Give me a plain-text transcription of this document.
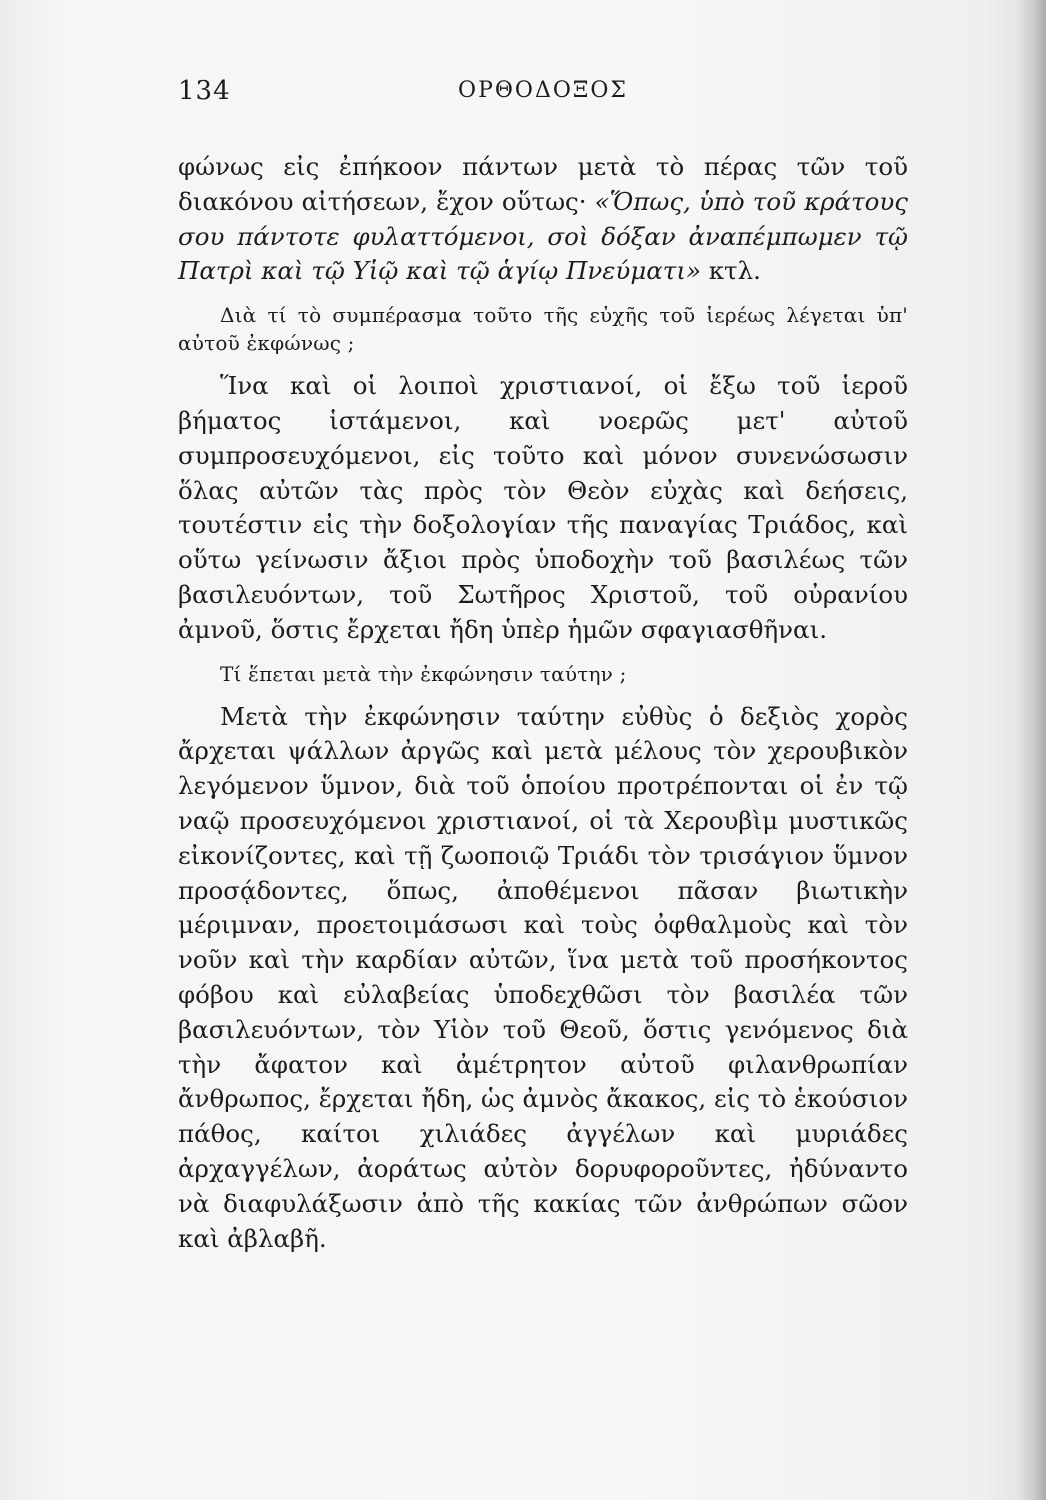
134	ΟΡΘΟΔΟΞΟΣ

φώνως εἰς ἐπήκοον πάντων μετὰ τὸ πέρας τῶν τοῦ διακόνου αἰτήσεων, ἔχον οὕτως· «Ὅπως, ὑπὸ τοῦ κράτους σου πάντοτε φυλαττόμενοι, σοὶ δόξαν ἀναπέμπωμεν τῷ Πατρὶ καὶ τῷ Υἱῷ καὶ τῷ ἁγίῳ Πνεύματι» κτλ.

Διὰ τί τὸ συμπέρασμα τοῦτο τῆς εὐχῆς τοῦ ἱερέως λέγεται ὑπ' αὐτοῦ ἐκφώνως ;

Ἵνα καὶ οἱ λοιποὶ χριστιανοί, οἱ ἔξω τοῦ ἱεροῦ βήματος ἱστάμενοι, καὶ νοερῶς μετ' αὐτοῦ συμπροσευχόμενοι, εἰς τοῦτο καὶ μόνον συνενώσωσιν ὅλας αὐτῶν τὰς πρὸς τὸν Θεὸν εὐχὰς καὶ δεήσεις, τουτέστιν εἰς τὴν δοξολογίαν τῆς παναγίας Τριάδος, καὶ οὕτω γείνωσιν ἄξιοι πρὸς ὑποδοχὴν τοῦ βασιλέως τῶν βασιλευόντων, τοῦ Σωτῆρος Χριστοῦ, τοῦ οὐρανίου ἀμνοῦ, ὅστις ἔρχεται ἤδη ὑπὲρ ἡμῶν σφαγιασθῆναι.

Τί ἕπεται μετὰ τὴν ἐκφώνησιν ταύτην ;

Μετὰ τὴν ἐκφώνησιν ταύτην εὐθὺς ὁ δεξιὸς χορὸς ἄρχεται ψάλλων ἀργῶς καὶ μετὰ μέλους τὸν χερουβικὸν λεγόμενον ὕμνον, διὰ τοῦ ὁποίου προτρέπονται οἱ ἐν τῷ ναῷ προσευχόμενοι χριστιανοί, οἱ τὰ Χερουβὶμ μυστικῶς εἰκονίζοντες, καὶ τῇ ζωοποιῷ Τριάδι τὸν τρισάγιον ὕμνον προσᾴδοντες, ὅπως, ἀποθέμενοι πᾶσαν βιωτικὴν μέριμναν, προετοιμάσωσι καὶ τοὺς ὀφθαλμοὺς καὶ τὸν νοῦν καὶ τὴν καρδίαν αὐτῶν, ἵνα μετὰ τοῦ προσήκοντος φόβου καὶ εὐλαβείας ὑποδεχθῶσι τὸν βασιλέα τῶν βασιλευόντων, τὸν Υἱὸν τοῦ Θεοῦ, ὅστις γενόμενος διὰ τὴν ἄφατον καὶ ἀμέτρητον αὐτοῦ φιλανθρωπίαν ἄνθρωπος, ἔρχεται ἤδη, ὡς ἀμνὸς ἄκακος, εἰς τὸ ἑκούσιον πάθος, καίτοι χιλιάδες ἀγγέλων καὶ μυριάδες ἀρχαγγέλων, ἀοράτως αὐτὸν δορυφοροῦντες, ἠδύναντο νὰ διαφυλάξωσιν ἀπὸ τῆς κακίας τῶν ἀνθρώπων σῶον καὶ ἀβλαβῆ.
